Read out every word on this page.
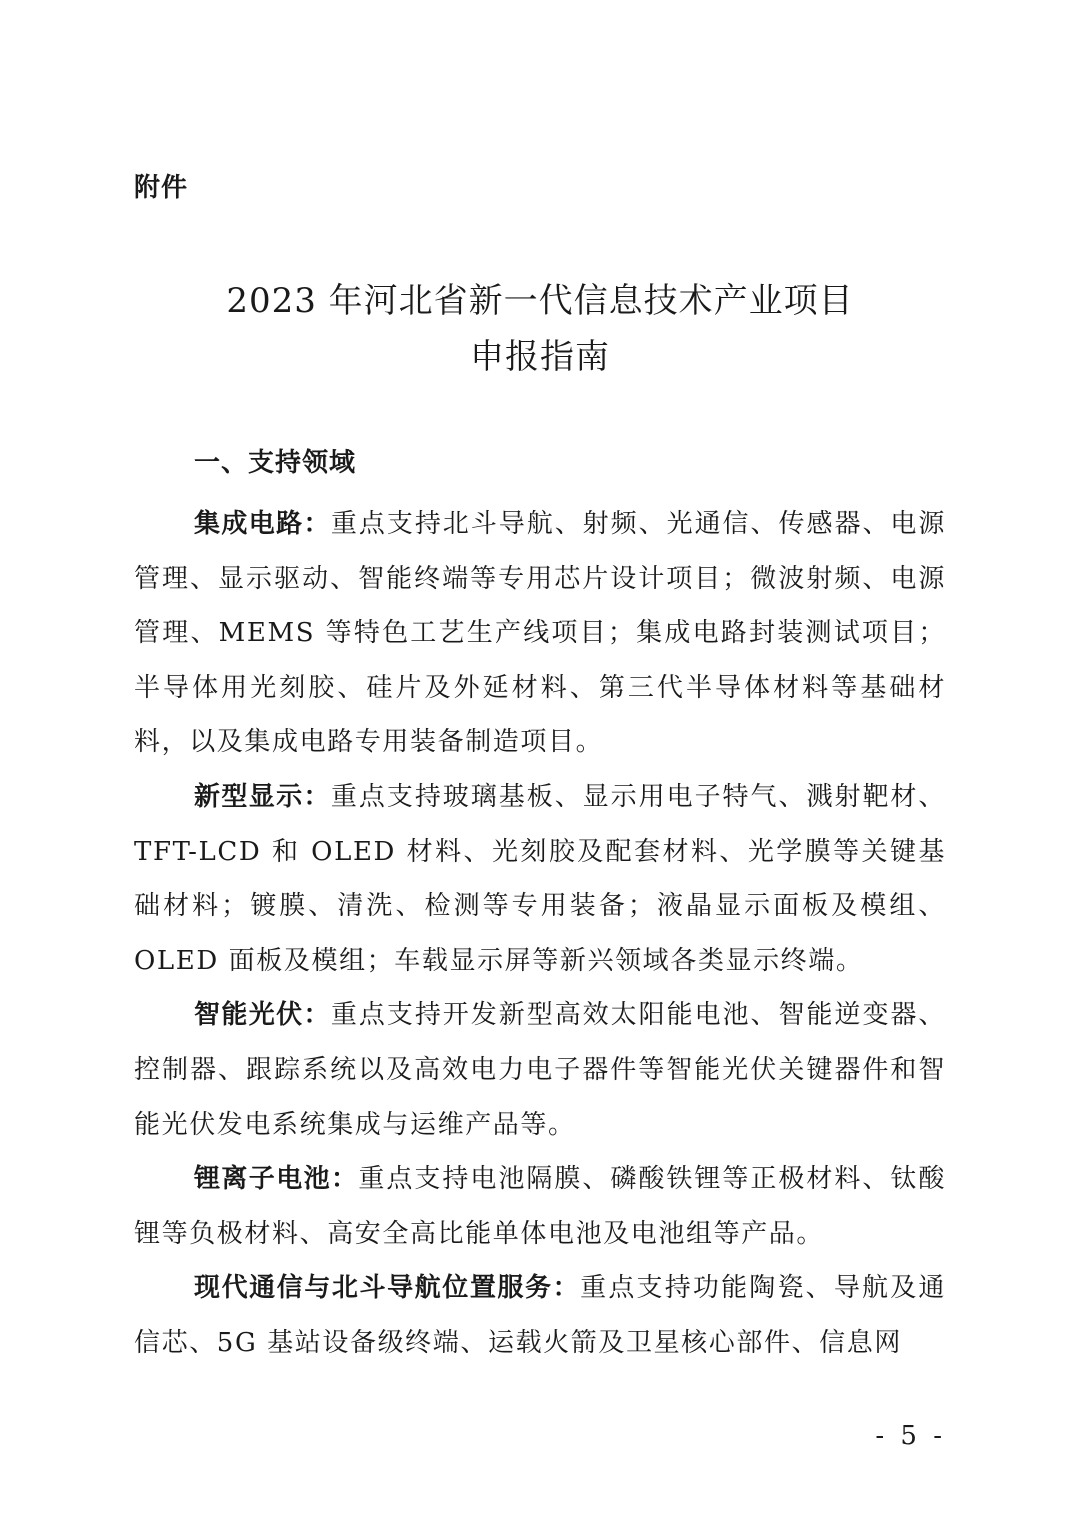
附件
2023 年河北省新一代信息技术产业项目
申报指南
一、支持领域

集成电路：重点支持北斗导航、射频、光通信、传感器、电源管理、显示驱动、智能终端等专用芯片设计项目；微波射频、电源管理、MEMS 等特色工艺生产线项目；集成电路封装测试项目；半导体用光刻胶、硅片及外延材料、第三代半导体材料等基础材料，以及集成电路专用装备制造项目。

新型显示：重点支持玻璃基板、显示用电子特气、溅射靶材、TFT-LCD 和 OLED 材料、光刻胶及配套材料、光学膜等关键基础材料；镀膜、清洗、检测等专用装备；液晶显示面板及模组、OLED 面板及模组；车载显示屏等新兴领域各类显示终端。

智能光伏：重点支持开发新型高效太阳能电池、智能逆变器、控制器、跟踪系统以及高效电力电子器件等智能光伏关键器件和智能光伏发电系统集成与运维产品等。

锂离子电池：重点支持电池隔膜、磷酸铁锂等正极材料、钛酸锂等负极材料、高安全高比能单体电池及电池组等产品。

现代通信与北斗导航位置服务：重点支持功能陶瓷、导航及通信芯、5G 基站设备级终端、运载火箭及卫星核心部件、信息网

- 5 -
